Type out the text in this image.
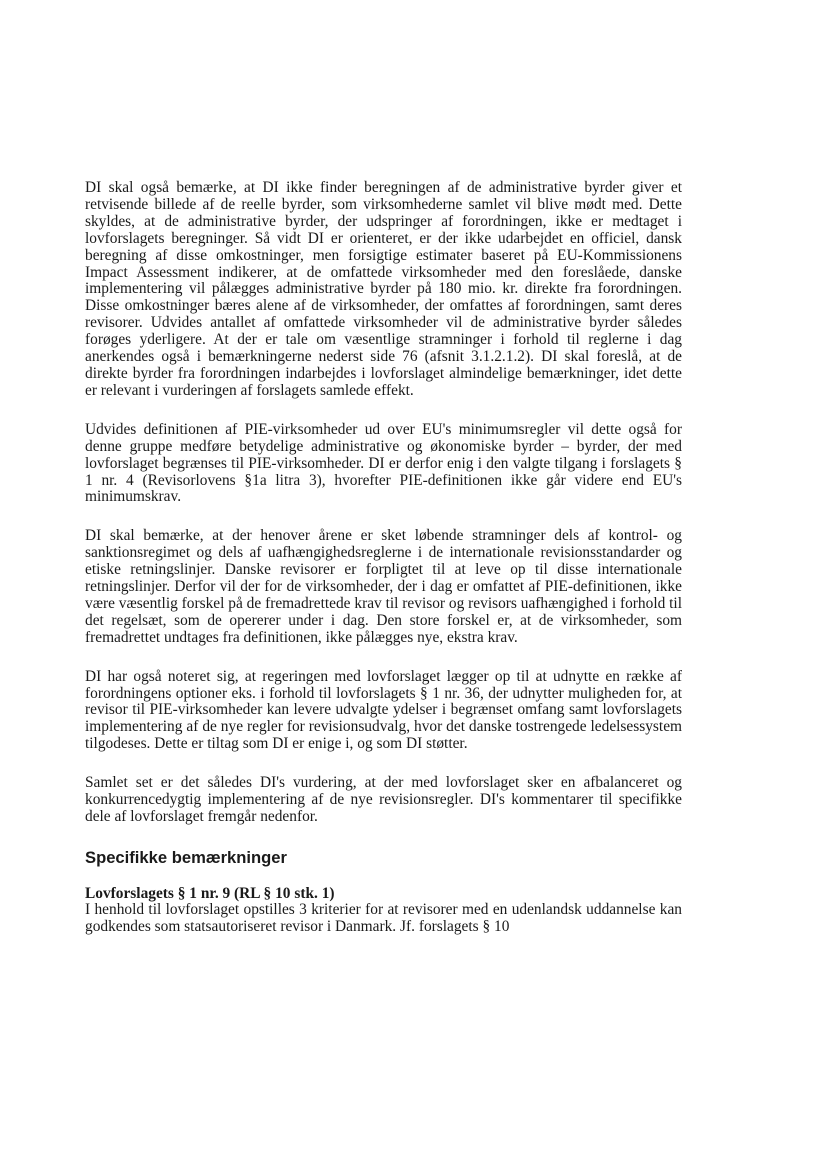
DI skal også bemærke, at DI ikke finder beregningen af de administrative byrder giver et retvisende billede af de reelle byrder, som virksomhederne samlet vil blive mødt med. Dette skyldes, at de administrative byrder, der udspringer af forordningen, ikke er medtaget i lovforslagets beregninger. Så vidt DI er orienteret, er der ikke udarbejdet en officiel, dansk beregning af disse omkostninger, men forsigtige estimater baseret på EU-Kommissionens Impact Assessment indikerer, at de omfattede virksomheder med den foreslåede, danske implementering vil pålægges administrative byrder på 180 mio. kr. direkte fra forordningen. Disse omkostninger bæres alene af de virksomheder, der omfattes af forordningen, samt deres revisorer. Udvides antallet af omfattede virksomheder vil de administrative byrder således forøges yderligere. At der er tale om væsentlige stramninger i forhold til reglerne i dag anerkendes også i bemærkningerne nederst side 76 (afsnit 3.1.2.1.2). DI skal foreslå, at de direkte byrder fra forordningen indarbejdes i lovforslaget almindelige bemærkninger, idet dette er relevant i vurderingen af forslagets samlede effekt.

Udvides definitionen af PIE-virksomheder ud over EU's minimumsregler vil dette også for denne gruppe medføre betydelige administrative og økonomiske byrder – byrder, der med lovforslaget begrænses til PIE-virksomheder. DI er derfor enig i den valgte tilgang i forslagets § 1 nr. 4 (Revisorlovens §1a litra 3), hvorefter PIE-definitionen ikke går videre end EU's minimumskrav.

DI skal bemærke, at der henover årene er sket løbende stramninger dels af kontrol- og sanktionsregimet og dels af uafhængighedsreglerne i de internationale revisionsstandarder og etiske retningslinjer. Danske revisorer er forpligtet til at leve op til disse internationale retningslinjer. Derfor vil der for de virksomheder, der i dag er omfattet af PIE-definitionen, ikke være væsentlig forskel på de fremadrettede krav til revisor og revisors uafhængighed i forhold til det regelsæt, som de opererer under i dag. Den store forskel er, at de virksomheder, som fremadrettet undtages fra definitionen, ikke pålægges nye, ekstra krav.

DI har også noteret sig, at regeringen med lovforslaget lægger op til at udnytte en række af forordningens optioner eks. i forhold til lovforslagets § 1 nr. 36, der udnytter muligheden for, at revisor til PIE-virksomheder kan levere udvalgte ydelser i begrænset omfang samt lovforslagets implementering af de nye regler for revisionsudvalg, hvor det danske tostrengede ledelsessystem tilgodeses. Dette er tiltag som DI er enige i, og som DI støtter.

Samlet set er det således DI's vurdering, at der med lovforslaget sker en afbalanceret og konkurrencedygtig implementering af de nye revisionsregler. DI's kommentarer til specifikke dele af lovforslaget fremgår nedenfor.

Specifikke bemærkninger
Lovforslagets § 1 nr. 9 (RL § 10 stk. 1)

I henhold til lovforslaget opstilles 3 kriterier for at revisorer med en udenlandsk uddannelse kan godkendes som statsautoriseret revisor i Danmark. Jf. forslagets § 10
